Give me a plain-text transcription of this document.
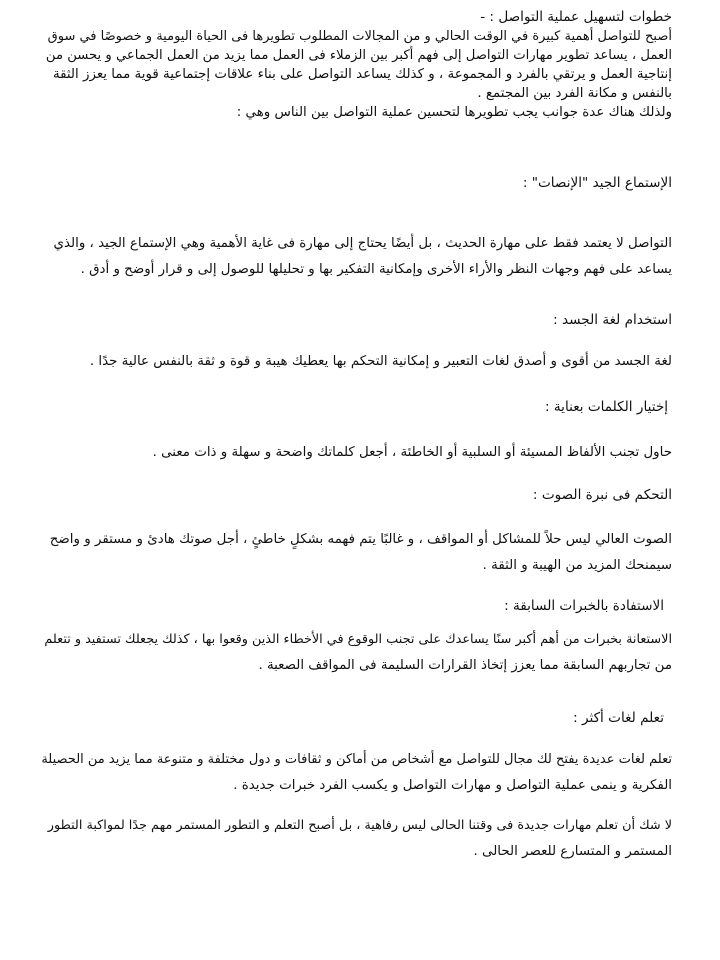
خطوات لتسهيل عملية التواصل : -
أصبح للتواصل أهمية كبيرة في الوقت الحالي و من المجالات المطلوب تطويرها فى الحياة اليومية و خصوصًا في سوق
العمل ، يساعد تطوير مهارات التواصل إلى فهم أكبر بين الزملاء فى العمل مما يزيد من العمل الجماعي و يحسن من
إنتاجية العمل و يرتقي بالفرد و المجموعة ، و كذلك يساعد التواصل على بناء علاقات إجتماعية قوية مما يعزز الثقة
بالنفس و مكانة الفرد بين المجتمع .
ولذلك هناك عدة جوانب يجب تطويرها لتحسين عملية التواصل بين الناس وهي :
الإستماع الجيد "الإنصات" :
التواصل لا يعتمد فقط على مهارة الحديث ، بل أيضًا يحتاج إلى مهارة فى غاية الأهمية وهي الإستماع الجيد ، والذي
يساعد على فهم وجهات النظر والأراء الأخرى وإمكانية التفكير بها و تحليلها للوصول إلى و قرار أوضح و أدق .
استخدام لغة الجسد :
لغة الجسد من أقوى و أصدق لغات التعبير و إمكانية التحكم بها يعطيك هيبة و قوة و ثقة بالنفس عالية جدًا .
إختيار الكلمات بعناية :
حاول تجنب الألفاظ المسيئة أو السلبية أو الخاطئة ، أجعل كلماتك واضحة و سهلة و ذات معنى .
التحكم فى نبرة الصوت :
الصوت العالي ليس حلاً للمشاكل أو المواقف ، و غالبًا يتم فهمه بشكلٍ خاطئٍ ، أجل صوتك هادئ و مستقر و واضح
سيمنحك المزيد من الهيبة و الثقة .
الاستفادة بالخبرات السابقة :
الاستعانة بخبرات من أهم أكبر سنًا يساعدك على تجنب الوقوع في الأخطاء الذين وقعوا بها ، كذلك يجعلك تستفيد و تتعلم
من تجاربهم السابقة مما يعزز إتخاذ القرارات السليمة فى المواقف الصعبة .
تعلم لغات أكثر :
تعلم لغات عديدة يفتح لك مجال للتواصل مع أشخاص من أماكن و ثقافات و دول مختلفة و متنوعة مما يزيد من الحصيلة
الفكرية و ينمى عملية التواصل و مهارات التواصل و يكسب الفرد خبرات جديدة .
لا شك أن تعلم مهارات جديدة فى وقتنا الحالى ليس رفاهية ، بل أصبح التعلم و التطور المستمر مهم جدًا لمواكبة التطور
المستمر و المتسارع للعصر الحالى .
